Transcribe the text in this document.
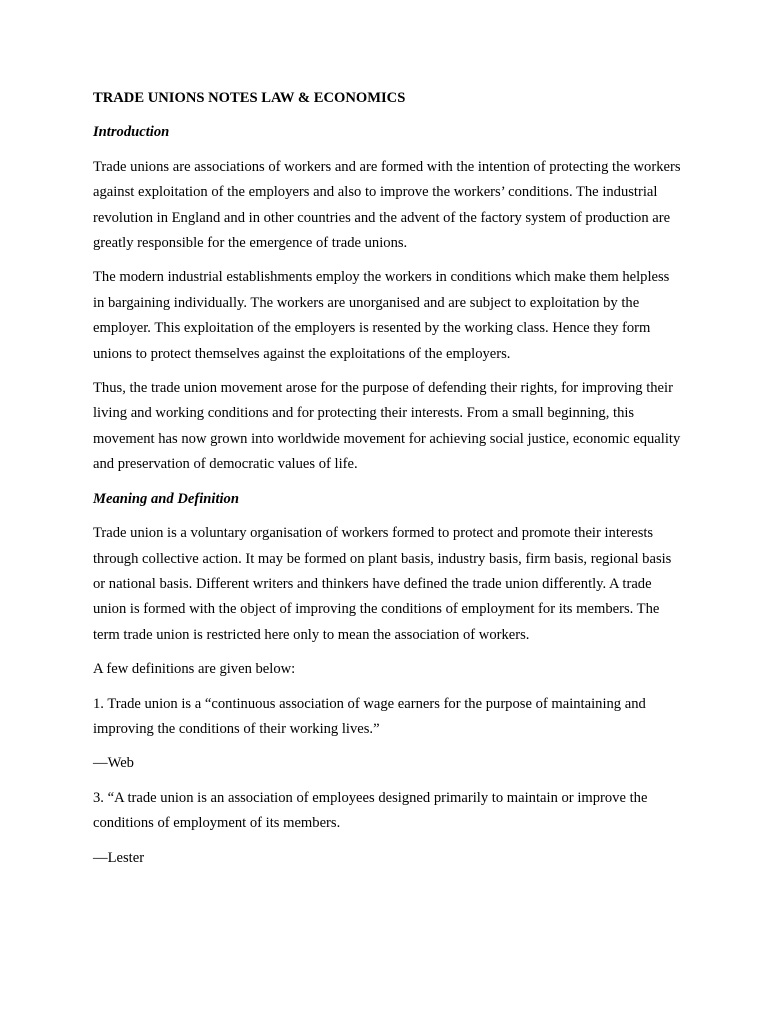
TRADE UNIONS NOTES LAW & ECONOMICS
Introduction

Trade unions are associations of workers and are formed with the intention of protecting the workers against exploitation of the employers and also to improve the workers’ conditions. The industrial revolution in England and in other countries and the advent of the factory system of production are greatly responsible for the emergence of trade unions.

The modern industrial establishments employ the workers in conditions which make them helpless in bargaining individually. The workers are unorganised and are subject to exploitation by the employer. This exploitation of the employers is resented by the working class. Hence they form unions to protect themselves against the exploitations of the employers.

Thus, the trade union movement arose for the purpose of defending their rights, for improving their living and working conditions and for protecting their interests. From a small beginning, this movement has now grown into worldwide movement for achieving social justice, economic equality and preservation of democratic values of life.

Meaning and Definition

Trade union is a voluntary organisation of workers formed to protect and promote their interests through collective action. It may be formed on plant basis, industry basis, firm basis, regional basis or national basis. Different writers and thinkers have defined the trade union differently. A trade union is formed with the object of improving the conditions of employment for its members. The term trade union is restricted here only to mean the association of workers.

A few definitions are given below:

1. Trade union is a “continuous association of wage earners for the purpose of maintaining and improving the conditions of their working lives.”

—Web

3. “A trade union is an association of employees designed primarily to maintain or improve the conditions of employment of its members.

—Lester
